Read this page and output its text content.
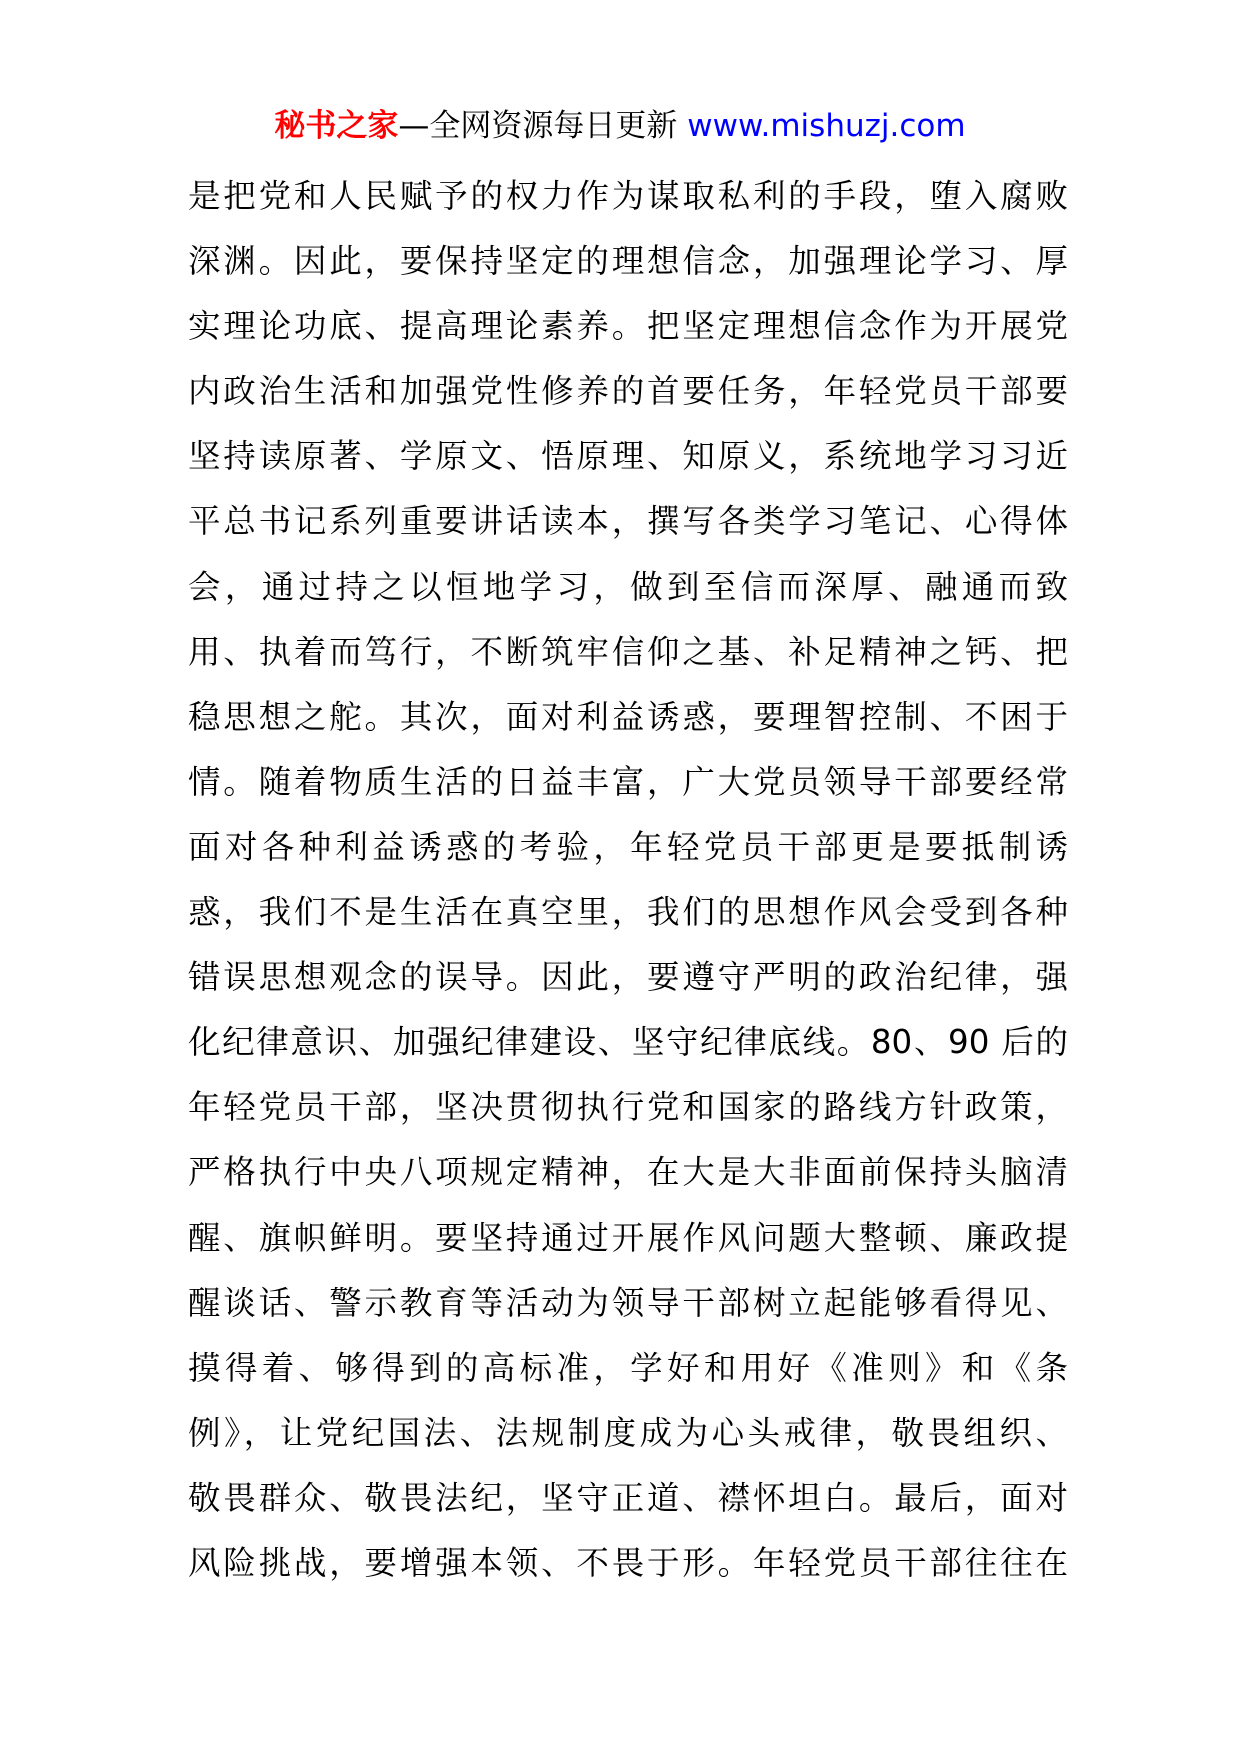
秘书之家—全网资源每日更新 www.mishuzj.com
是把党和人民赋予的权力作为谋取私利的手段，堕入腐败
深渊。因此，要保持坚定的理想信念，加强理论学习、厚
实理论功底、提高理论素养。把坚定理想信念作为开展党
内政治生活和加强党性修养的首要任务，年轻党员干部要
坚持读原著、学原文、悟原理、知原义，系统地学习习近
平总书记系列重要讲话读本，撰写各类学习笔记、心得体
会，通过持之以恒地学习，做到至信而深厚、融通而致
用、执着而笃行，不断筑牢信仰之基、补足精神之钙、把
稳思想之舵。其次，面对利益诱惑，要理智控制、不困于
情。随着物质生活的日益丰富，广大党员领导干部要经常
面对各种利益诱惑的考验，年轻党员干部更是要抵制诱
惑，我们不是生活在真空里，我们的思想作风会受到各种
错误思想观念的误导。因此，要遵守严明的政治纪律，强
化纪律意识、加强纪律建设、坚守纪律底线。80、90 后的
年轻党员干部，坚决贯彻执行党和国家的路线方针政策，
严格执行中央八项规定精神，在大是大非面前保持头脑清
醒、旗帜鲜明。要坚持通过开展作风问题大整顿、廉政提
醒谈话、警示教育等活动为领导干部树立起能够看得见、
摸得着、够得到的高标准，学好和用好《准则》和《条
例》，让党纪国法、法规制度成为心头戒律，敬畏组织、
敬畏群众、敬畏法纪，坚守正道、襟怀坦白。最后，面对
风险挑战，要增强本领、不畏于形。年轻党员干部往往在
